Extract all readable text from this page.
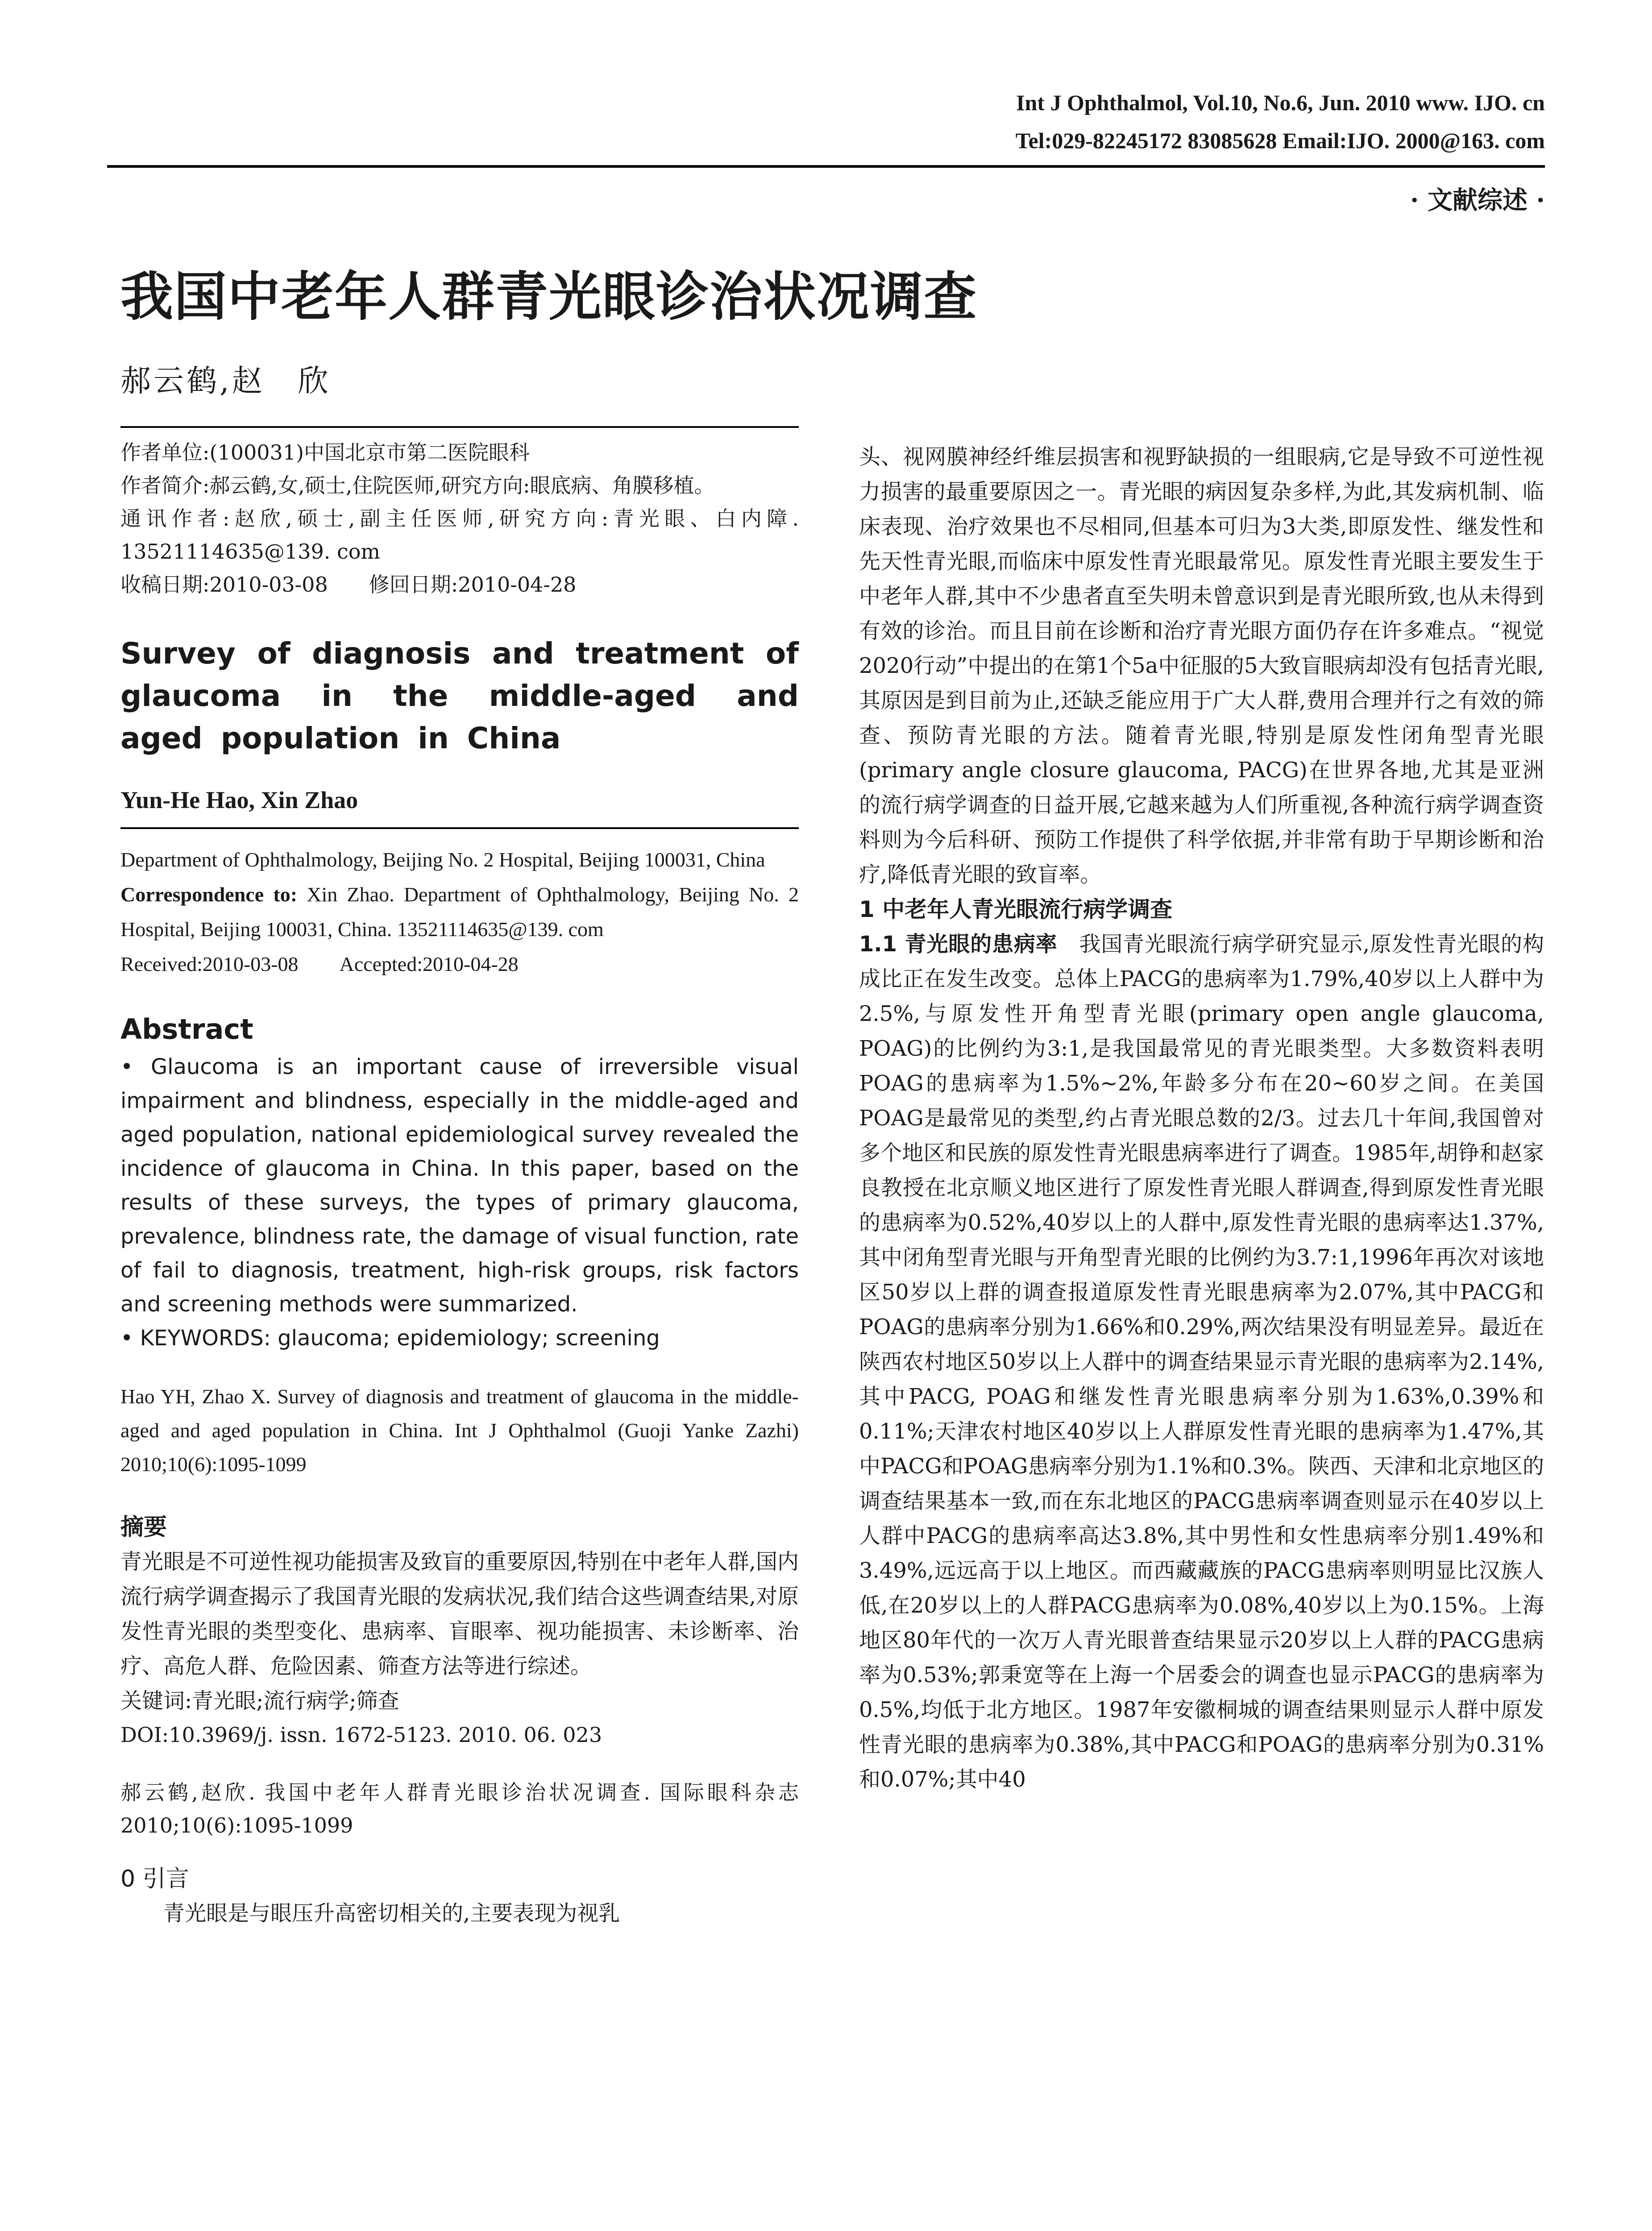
Int J Ophthalmol, Vol.10, No.6, Jun. 2010 www. IJO. cn
Tel:029-82245172 83085628 Email:IJO. 2000@163. com
· 文献综述 ·
我国中老年人群青光眼诊治状况调查
郝云鹤,赵　欣

作者单位:(100031)中国北京市第二医院眼科

作者简介:郝云鹤,女,硕士,住院医师,研究方向:眼底病、角膜移植。

通讯作者:赵欣,硕士,副主任医师,研究方向:青光眼、白内障. 13521114635@139. com

收稿日期:2010-03-08　　修回日期:2010-04-28

Survey of diagnosis and treatment of glaucoma in the middle-aged and aged population in China

Yun-He Hao, Xin Zhao

Department of Ophthalmology, Beijing No. 2 Hospital, Beijing 100031, China

Correspondence to: Xin Zhao. Department of Ophthalmology, Beijing No. 2 Hospital, Beijing 100031, China. 13521114635@139. com

Received:2010-03-08　　Accepted:2010-04-28

Abstract

• Glaucoma is an important cause of irreversible visual impairment and blindness, especially in the middle-aged and aged population, national epidemiological survey revealed the incidence of glaucoma in China. In this paper, based on the results of these surveys, the types of primary glaucoma, prevalence, blindness rate, the damage of visual function, rate of fail to diagnosis, treatment, high-risk groups, risk factors and screening methods were summarized.

• KEYWORDS: glaucoma; epidemiology; screening

Hao YH, Zhao X. Survey of diagnosis and treatment of glaucoma in the middle-aged and aged population in China. Int J Ophthalmol (Guoji Yanke Zazhi) 2010;10(6):1095-1099

摘要

青光眼是不可逆性视功能损害及致盲的重要原因,特别在中老年人群,国内流行病学调查揭示了我国青光眼的发病状况,我们结合这些调查结果,对原发性青光眼的类型变化、患病率、盲眼率、视功能损害、未诊断率、治疗、高危人群、危险因素、筛查方法等进行综述。

关键词:青光眼;流行病学;筛查

DOI:10.3969/j. issn. 1672-5123. 2010. 06. 023

郝云鹤,赵欣. 我国中老年人群青光眼诊治状况调查. 国际眼科杂志 2010;10(6):1095-1099

0 引言

青光眼是与眼压升高密切相关的,主要表现为视乳

头、视网膜神经纤维层损害和视野缺损的一组眼病,它是导致不可逆性视力损害的最重要原因之一。青光眼的病因复杂多样,为此,其发病机制、临床表现、治疗效果也不尽相同,但基本可归为3大类,即原发性、继发性和先天性青光眼,而临床中原发性青光眼最常见。原发性青光眼主要发生于中老年人群,其中不少患者直至失明未曾意识到是青光眼所致,也从未得到有效的诊治。而且目前在诊断和治疗青光眼方面仍存在许多难点。“视觉2020行动”中提出的在第1个5a中征服的5大致盲眼病却没有包括青光眼,其原因是到目前为止,还缺乏能应用于广大人群,费用合理并行之有效的筛查、预防青光眼的方法。随着青光眼,特别是原发性闭角型青光眼(primary angle closure glaucoma, PACG)在世界各地,尤其是亚洲的流行病学调查的日益开展,它越来越为人们所重视,各种流行病学调查资料则为今后科研、预防工作提供了科学依据,并非常有助于早期诊断和治疗,降低青光眼的致盲率。

1 中老年人青光眼流行病学调查

1.1 青光眼的患病率　我国青光眼流行病学研究显示,原发性青光眼的构成比正在发生改变。总体上PACG的患病率为1.79%,40岁以上人群中为2.5%,与原发性开角型青光眼(primary open angle glaucoma, POAG)的比例约为3:1,是我国最常见的青光眼类型。大多数资料表明POAG的患病率为1.5%~2%,年龄多分布在20~60岁之间。在美国POAG是最常见的类型,约占青光眼总数的2/3。过去几十年间,我国曾对多个地区和民族的原发性青光眼患病率进行了调查。1985年,胡铮和赵家良教授在北京顺义地区进行了原发性青光眼人群调查,得到原发性青光眼的患病率为0.52%,40岁以上的人群中,原发性青光眼的患病率达1.37%,其中闭角型青光眼与开角型青光眼的比例约为3.7:1,1996年再次对该地区50岁以上群的调查报道原发性青光眼患病率为2.07%,其中PACG和POAG的患病率分别为1.66%和0.29%,两次结果没有明显差异。最近在陕西农村地区50岁以上人群中的调查结果显示青光眼的患病率为2.14%,其中PACG, POAG和继发性青光眼患病率分别为1.63%,0.39%和0.11%;天津农村地区40岁以上人群原发性青光眼的患病率为1.47%,其中PACG和POAG患病率分别为1.1%和0.3%。陕西、天津和北京地区的调查结果基本一致,而在东北地区的PACG患病率调查则显示在40岁以上人群中PACG的患病率高达3.8%,其中男性和女性患病率分别1.49%和3.49%,远远高于以上地区。而西藏藏族的PACG患病率则明显比汉族人低,在20岁以上的人群PACG患病率为0.08%,40岁以上为0.15%。上海地区80年代的一次万人青光眼普查结果显示20岁以上人群的PACG患病率为0.53%;郭秉宽等在上海一个居委会的调查也显示PACG的患病率为0.5%,均低于北方地区。1987年安徽桐城的调查结果则显示人群中原发性青光眼的患病率为0.38%,其中PACG和POAG的患病率分别为0.31%和0.07%;其中40
